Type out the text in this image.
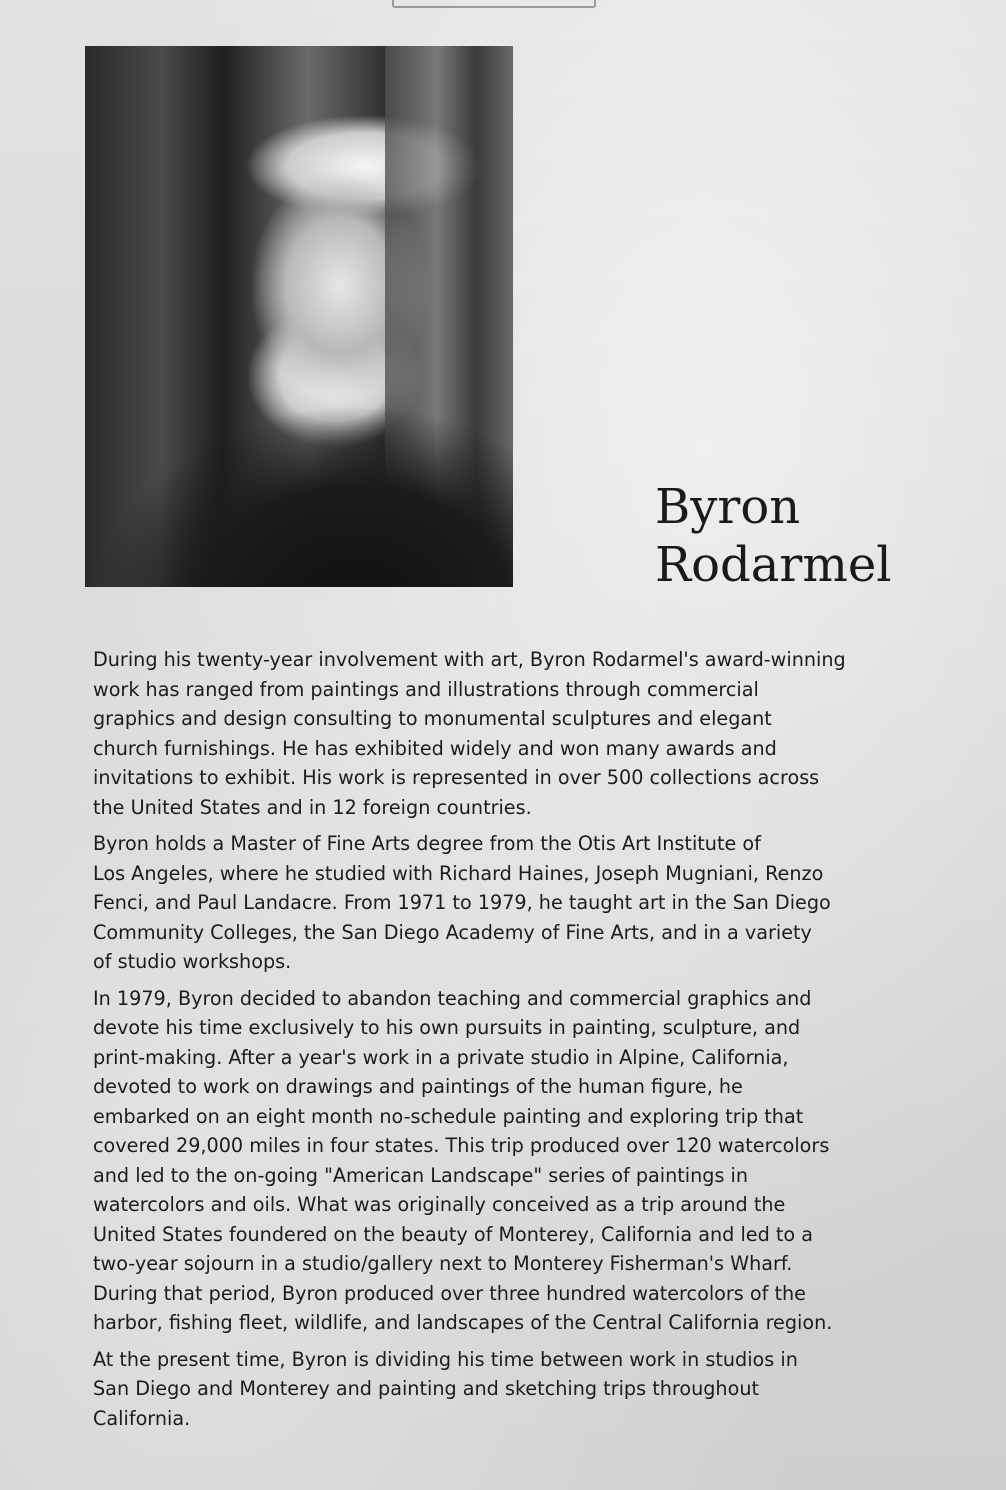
Byron
Rodarmel

During his twenty-year involvement with art, Byron Rodarmel's award-winning
work has ranged from paintings and illustrations through commercial
graphics and design consulting to monumental sculptures and elegant
church furnishings. He has exhibited widely and won many awards and
invitations to exhibit. His work is represented in over 500 collections across
the United States and in 12 foreign countries.

Byron holds a Master of Fine Arts degree from the Otis Art Institute of
Los Angeles, where he studied with Richard Haines, Joseph Mugniani, Renzo
Fenci, and Paul Landacre. From 1971 to 1979, he taught art in the San Diego
Community Colleges, the San Diego Academy of Fine Arts, and in a variety
of studio workshops.

In 1979, Byron decided to abandon teaching and commercial graphics and
devote his time exclusively to his own pursuits in painting, sculpture, and
print-making. After a year's work in a private studio in Alpine, California,
devoted to work on drawings and paintings of the human figure, he
embarked on an eight month no-schedule painting and exploring trip that
covered 29,000 miles in four states. This trip produced over 120 watercolors
and led to the on-going "American Landscape" series of paintings in
watercolors and oils. What was originally conceived as a trip around the
United States foundered on the beauty of Monterey, California and led to a
two-year sojourn in a studio/gallery next to Monterey Fisherman's Wharf.
During that period, Byron produced over three hundred watercolors of the
harbor, fishing fleet, wildlife, and landscapes of the Central California region.

At the present time, Byron is dividing his time between work in studios in
San Diego and Monterey and painting and sketching trips throughout
California.
